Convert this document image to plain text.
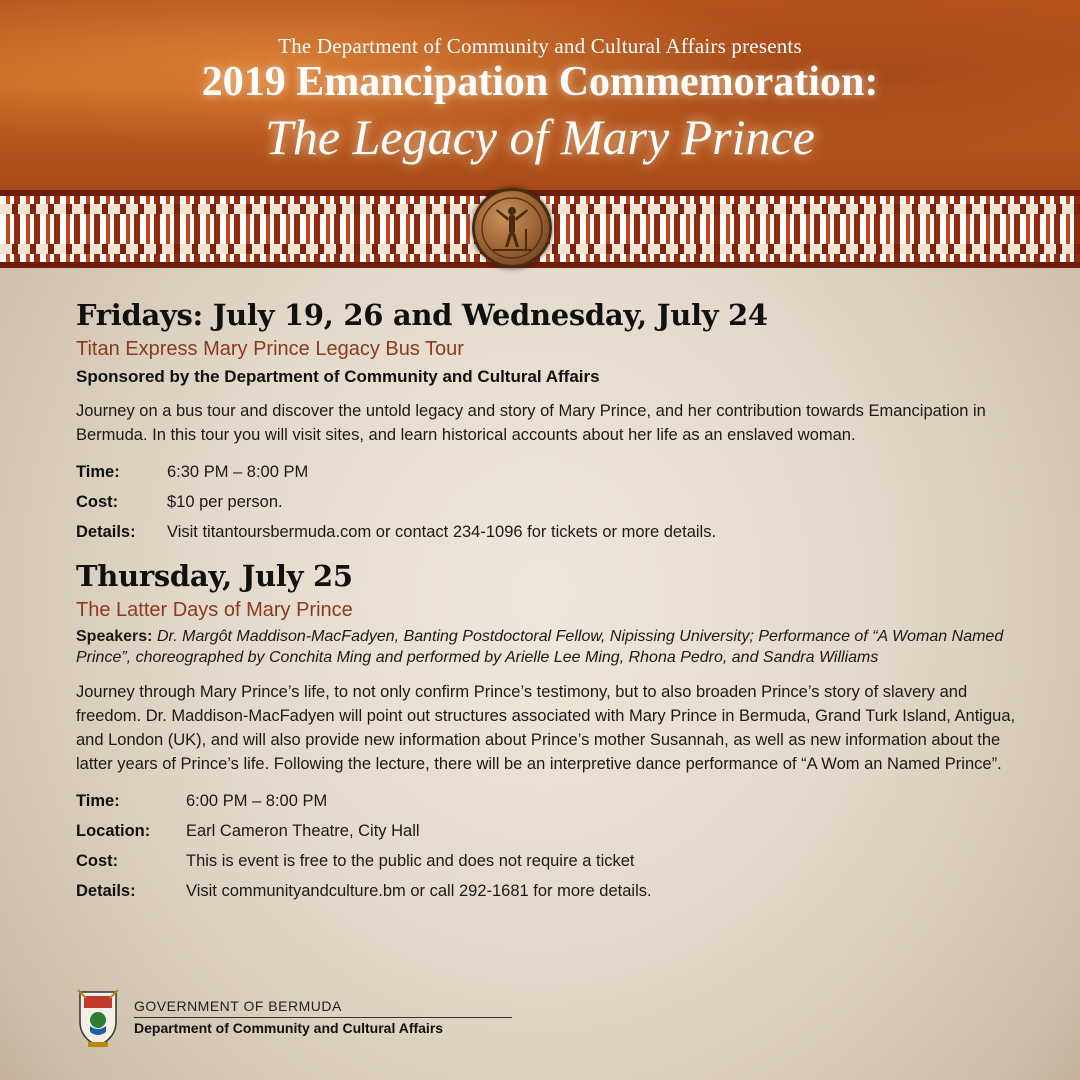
The Department of Community and Cultural Affairs presents
2019 Emancipation Commemoration:
The Legacy of Mary Prince
Fridays: July 19, 26 and Wednesday, July 24
Titan Express Mary Prince Legacy Bus Tour
Sponsored by the Department of Community and Cultural Affairs
Journey on a bus tour and discover the untold legacy and story of Mary Prince, and her contribution towards Emancipation in Bermuda. In this tour you will visit sites, and learn historical accounts about her life as an enslaved woman.
Time:	6:30 PM – 8:00 PM
Cost:	$10 per person.
Details:	Visit titantoursbermuda.com or contact 234-1096 for tickets or more details.
Thursday, July 25
The Latter Days of Mary Prince
Speakers: Dr. Margôt Maddison-MacFadyen, Banting Postdoctoral Fellow, Nipissing University; Performance of “A Woman Named Prince”, choreographed by Conchita Ming and performed by Arielle Lee Ming, Rhona Pedro, and Sandra Williams
Journey through Mary Prince’s life, to not only confirm Prince’s testimony, but to also broaden Prince’s story of slavery and freedom. Dr. Maddison-MacFadyen will point out structures associated with Mary Prince in Bermuda, Grand Turk Island, Antigua, and London (UK), and will also provide new information about Prince’s mother Susannah, as well as new information about the latter years of Prince’s life. Following the lecture, there will be an interpretive dance performance of “A Wom an Named Prince”.
Time:	6:00 PM – 8:00 PM
Location:	Earl Cameron Theatre, City Hall
Cost:	This is event is free to the public and does not require a ticket
Details:	Visit communityandculture.bm or call 292-1681 for more details.
GOVERNMENT OF BERMUDA
Department of Community and Cultural Affairs
